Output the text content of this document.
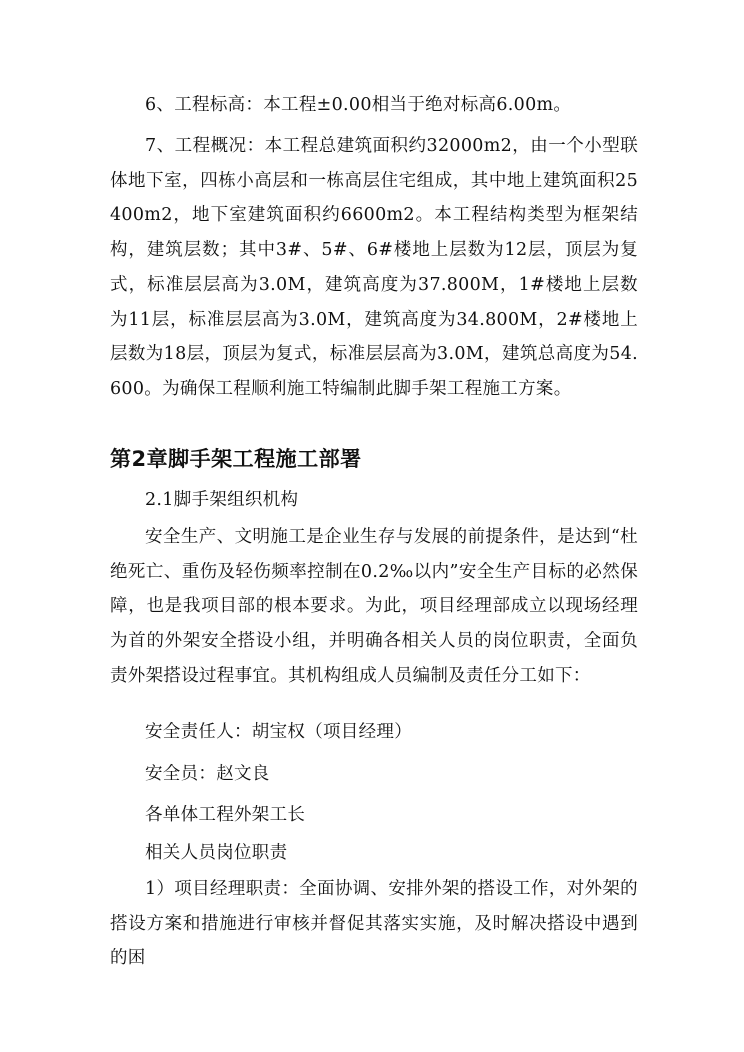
6、工程标高：本工程±0.00相当于绝对标高6.00m。

7、工程概况：本工程总建筑面积约32000m2，由一个小型联体地下室，四栋小高层和一栋高层住宅组成，其中地上建筑面积25400m2，地下室建筑面积约6600m2。本工程结构类型为框架结构，建筑层数；其中3#、5#、6#楼地上层数为12层，顶层为复式，标准层层高为3.0M，建筑高度为37.800M，1#楼地上层数为11层，标准层层高为3.0M，建筑高度为34.800M，2#楼地上层数为18层，顶层为复式，标准层层高为3.0M，建筑总高度为54.600。为确保工程顺利施工特编制此脚手架工程施工方案。

第2章脚手架工程施工部署

2.1脚手架组织机构

安全生产、文明施工是企业生存与发展的前提条件，是达到“杜绝死亡、重伤及轻伤频率控制在0.2‰以内”安全生产目标的必然保障，也是我项目部的根本要求。为此，项目经理部成立以现场经理为首的外架安全搭设小组，并明确各相关人员的岗位职责，全面负责外架搭设过程事宜。其机构组成人员编制及责任分工如下：

安全责任人：胡宝权（项目经理）

安全员：赵文良

各单体工程外架工长

相关人员岗位职责

1）项目经理职责：全面协调、安排外架的搭设工作，对外架的搭设方案和措施进行审核并督促其落实实施，及时解决搭设中遇到的困
